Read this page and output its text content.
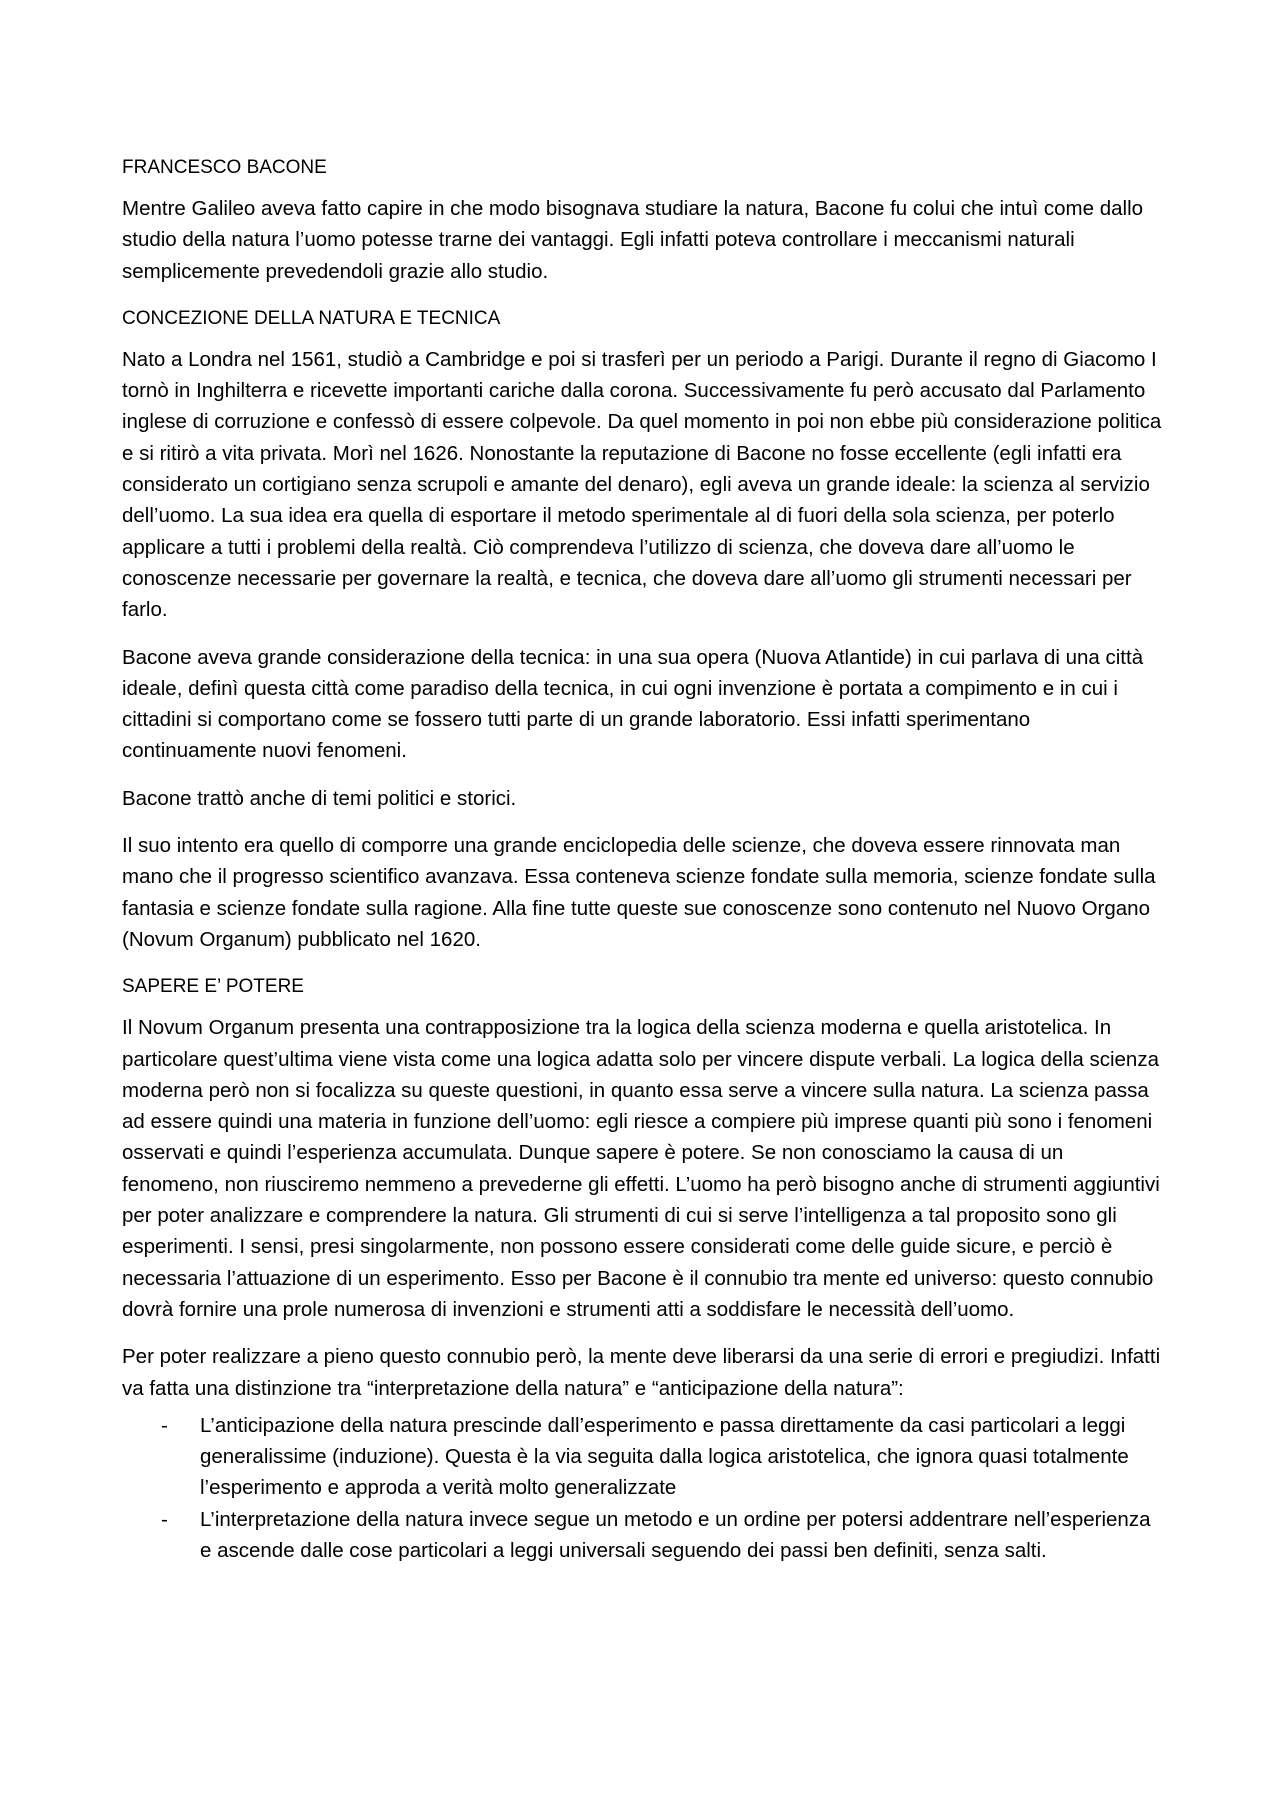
FRANCESCO BACONE

Mentre Galileo aveva fatto capire in che modo bisognava studiare la natura, Bacone fu colui che intuì come dallo studio della natura l’uomo potesse trarne dei vantaggi. Egli infatti poteva controllare i meccanismi naturali semplicemente prevedendoli grazie allo studio.

CONCEZIONE DELLA NATURA E TECNICA

Nato a Londra nel 1561, studiò a Cambridge e poi si trasferì per un periodo a Parigi. Durante il regno di Giacomo I tornò in Inghilterra e ricevette importanti cariche dalla corona. Successivamente fu però accusato dal Parlamento inglese di corruzione e confessò di essere colpevole. Da quel momento in poi non ebbe più considerazione politica e si ritirò a vita privata. Morì nel 1626. Nonostante la reputazione di Bacone no fosse eccellente (egli infatti era considerato un cortigiano senza scrupoli e amante del denaro), egli aveva un grande ideale: la scienza al servizio dell’uomo. La sua idea era quella di esportare il metodo sperimentale al di fuori della sola scienza, per poterlo applicare a tutti i problemi della realtà. Ciò comprendeva l’utilizzo di scienza, che doveva dare all’uomo le conoscenze necessarie per governare la realtà, e tecnica, che doveva dare all’uomo gli strumenti necessari per farlo.

Bacone aveva grande considerazione della tecnica: in una sua opera (Nuova Atlantide) in cui parlava di una città ideale, definì questa città come paradiso della tecnica, in cui ogni invenzione è portata a compimento e in cui i cittadini si comportano come se fossero tutti parte di un grande laboratorio. Essi infatti sperimentano continuamente nuovi fenomeni.

Bacone trattò anche di temi politici e storici.

Il suo intento era quello di comporre una grande enciclopedia delle scienze, che doveva essere rinnovata man mano che il progresso scientifico avanzava. Essa conteneva scienze fondate sulla memoria, scienze fondate sulla fantasia e scienze fondate sulla ragione. Alla fine tutte queste sue conoscenze sono contenuto nel Nuovo Organo (Novum Organum) pubblicato nel 1620.

SAPERE E’ POTERE

Il Novum Organum presenta una contrapposizione tra la logica della scienza moderna e quella aristotelica. In particolare quest’ultima viene vista come una logica adatta solo per vincere dispute verbali. La logica della scienza moderna però non si focalizza su queste questioni, in quanto essa serve a vincere sulla natura. La scienza passa ad essere quindi una materia in funzione dell’uomo: egli riesce a compiere più imprese quanti più sono i fenomeni osservati e quindi l’esperienza accumulata. Dunque sapere è potere. Se non conosciamo la causa di un fenomeno, non riusciremo nemmeno a prevederne gli effetti. L’uomo ha però bisogno anche di strumenti aggiuntivi per poter analizzare e comprendere la natura. Gli strumenti di cui si serve l’intelligenza a tal proposito sono gli esperimenti. I sensi, presi singolarmente, non possono essere considerati come delle guide sicure, e perciò è necessaria l’attuazione di un esperimento. Esso per Bacone è il connubio tra mente ed universo: questo connubio dovrà fornire una prole numerosa di invenzioni e strumenti atti a soddisfare le necessità dell’uomo.

Per poter realizzare a pieno questo connubio però, la mente deve liberarsi da una serie di errori e pregiudizi. Infatti va fatta una distinzione tra “interpretazione della natura” e “anticipazione della natura”:

- L’anticipazione della natura prescinde dall’esperimento e passa direttamente da casi particolari a leggi generalissime (induzione). Questa è la via seguita dalla logica aristotelica, che ignora quasi totalmente l’esperimento e approda a verità molto generalizzate
- L’interpretazione della natura invece segue un metodo e un ordine per potersi addentrare nell’esperienza e ascende dalle cose particolari a leggi universali seguendo dei passi ben definiti, senza salti.
